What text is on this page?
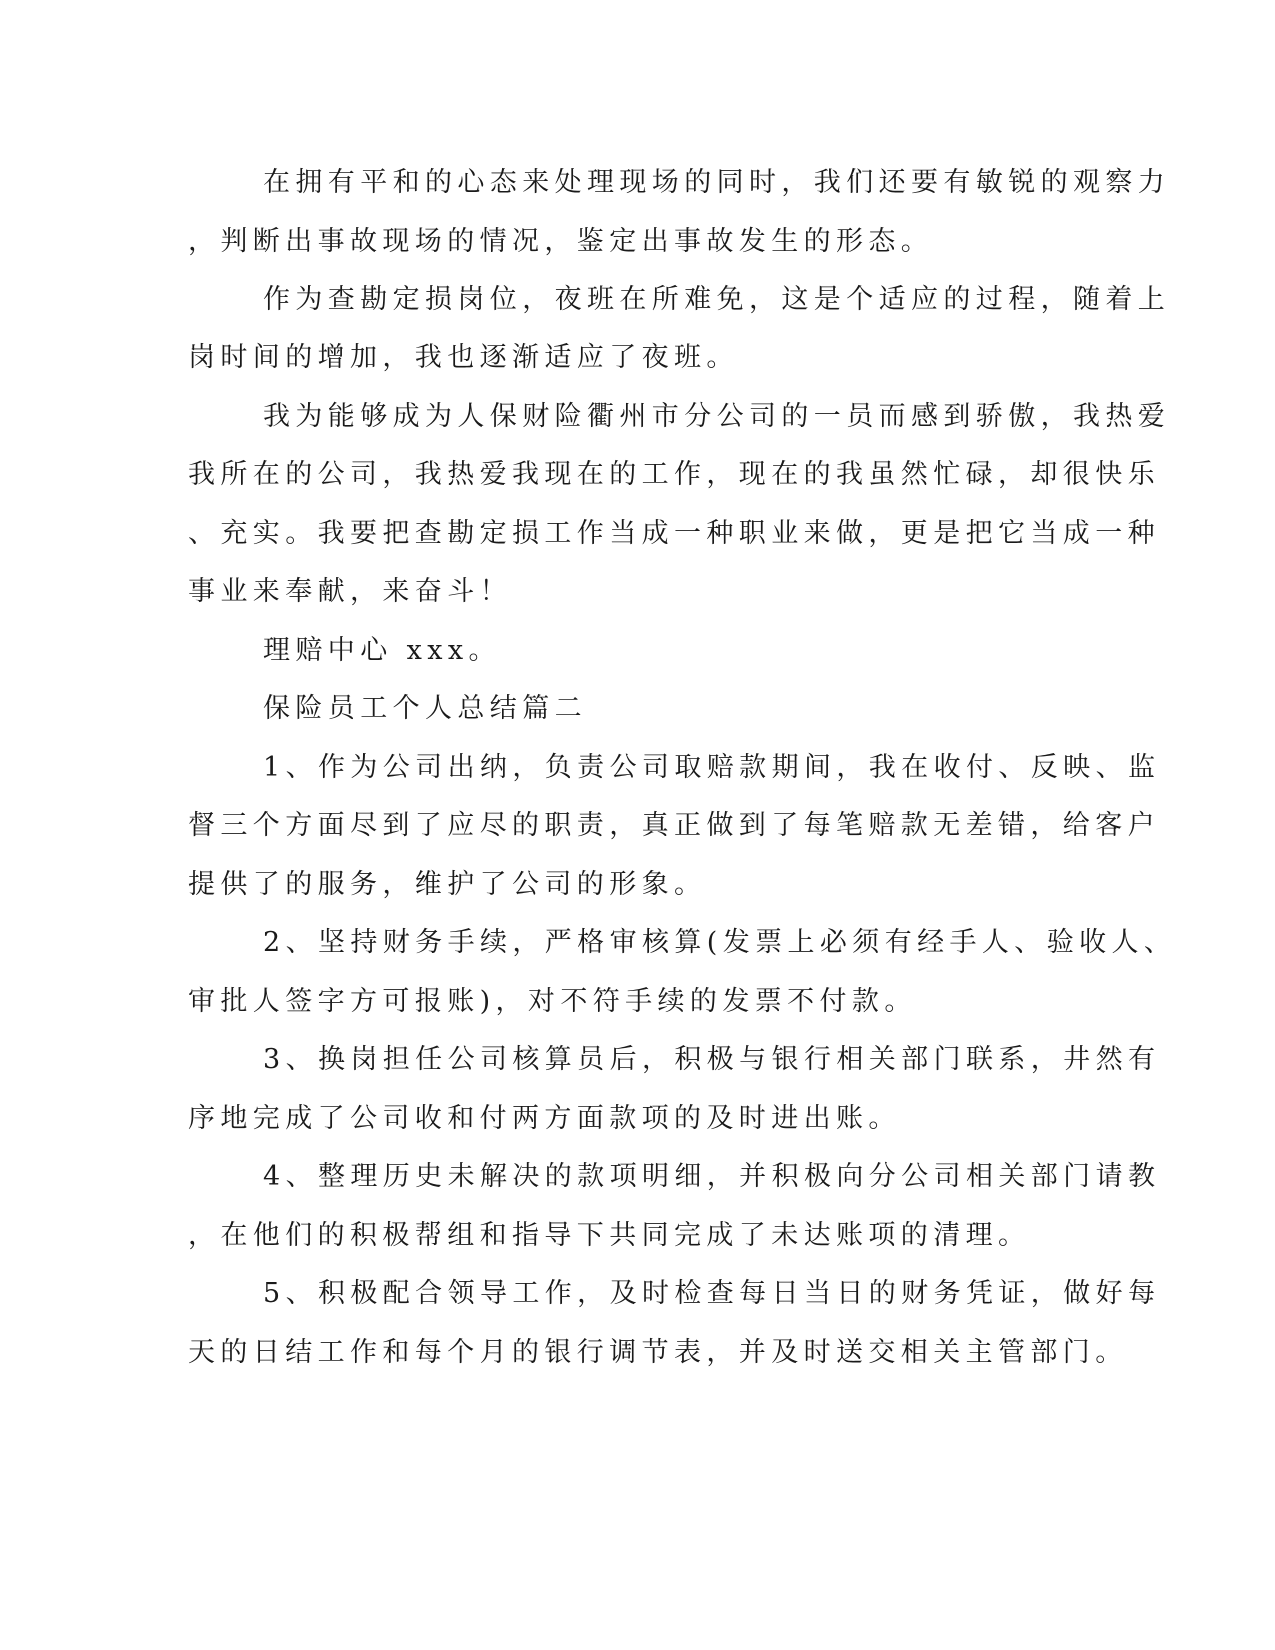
在拥有平和的心态来处理现场的同时，我们还要有敏锐的观察力
，判断出事故现场的情况，鉴定出事故发生的形态。
作为查勘定损岗位，夜班在所难免，这是个适应的过程，随着上
岗时间的增加，我也逐渐适应了夜班。
我为能够成为人保财险衢州市分公司的一员而感到骄傲，我热爱
我所在的公司，我热爱我现在的工作，现在的我虽然忙碌，却很快乐
、充实。我要把查勘定损工作当成一种职业来做，更是把它当成一种
事业来奉献，来奋斗！
理赔中心 xxx。
保险员工个人总结篇二
1、作为公司出纳，负责公司取赔款期间，我在收付、反映、监
督三个方面尽到了应尽的职责，真正做到了每笔赔款无差错，给客户
提供了的服务，维护了公司的形象。
2、坚持财务手续，严格审核算(发票上必须有经手人、验收人、
审批人签字方可报账)，对不符手续的发票不付款。
3、换岗担任公司核算员后，积极与银行相关部门联系，井然有
序地完成了公司收和付两方面款项的及时进出账。
4、整理历史未解决的款项明细，并积极向分公司相关部门请教
，在他们的积极帮组和指导下共同完成了未达账项的清理。
5、积极配合领导工作，及时检查每日当日的财务凭证，做好每
天的日结工作和每个月的银行调节表，并及时送交相关主管部门。
